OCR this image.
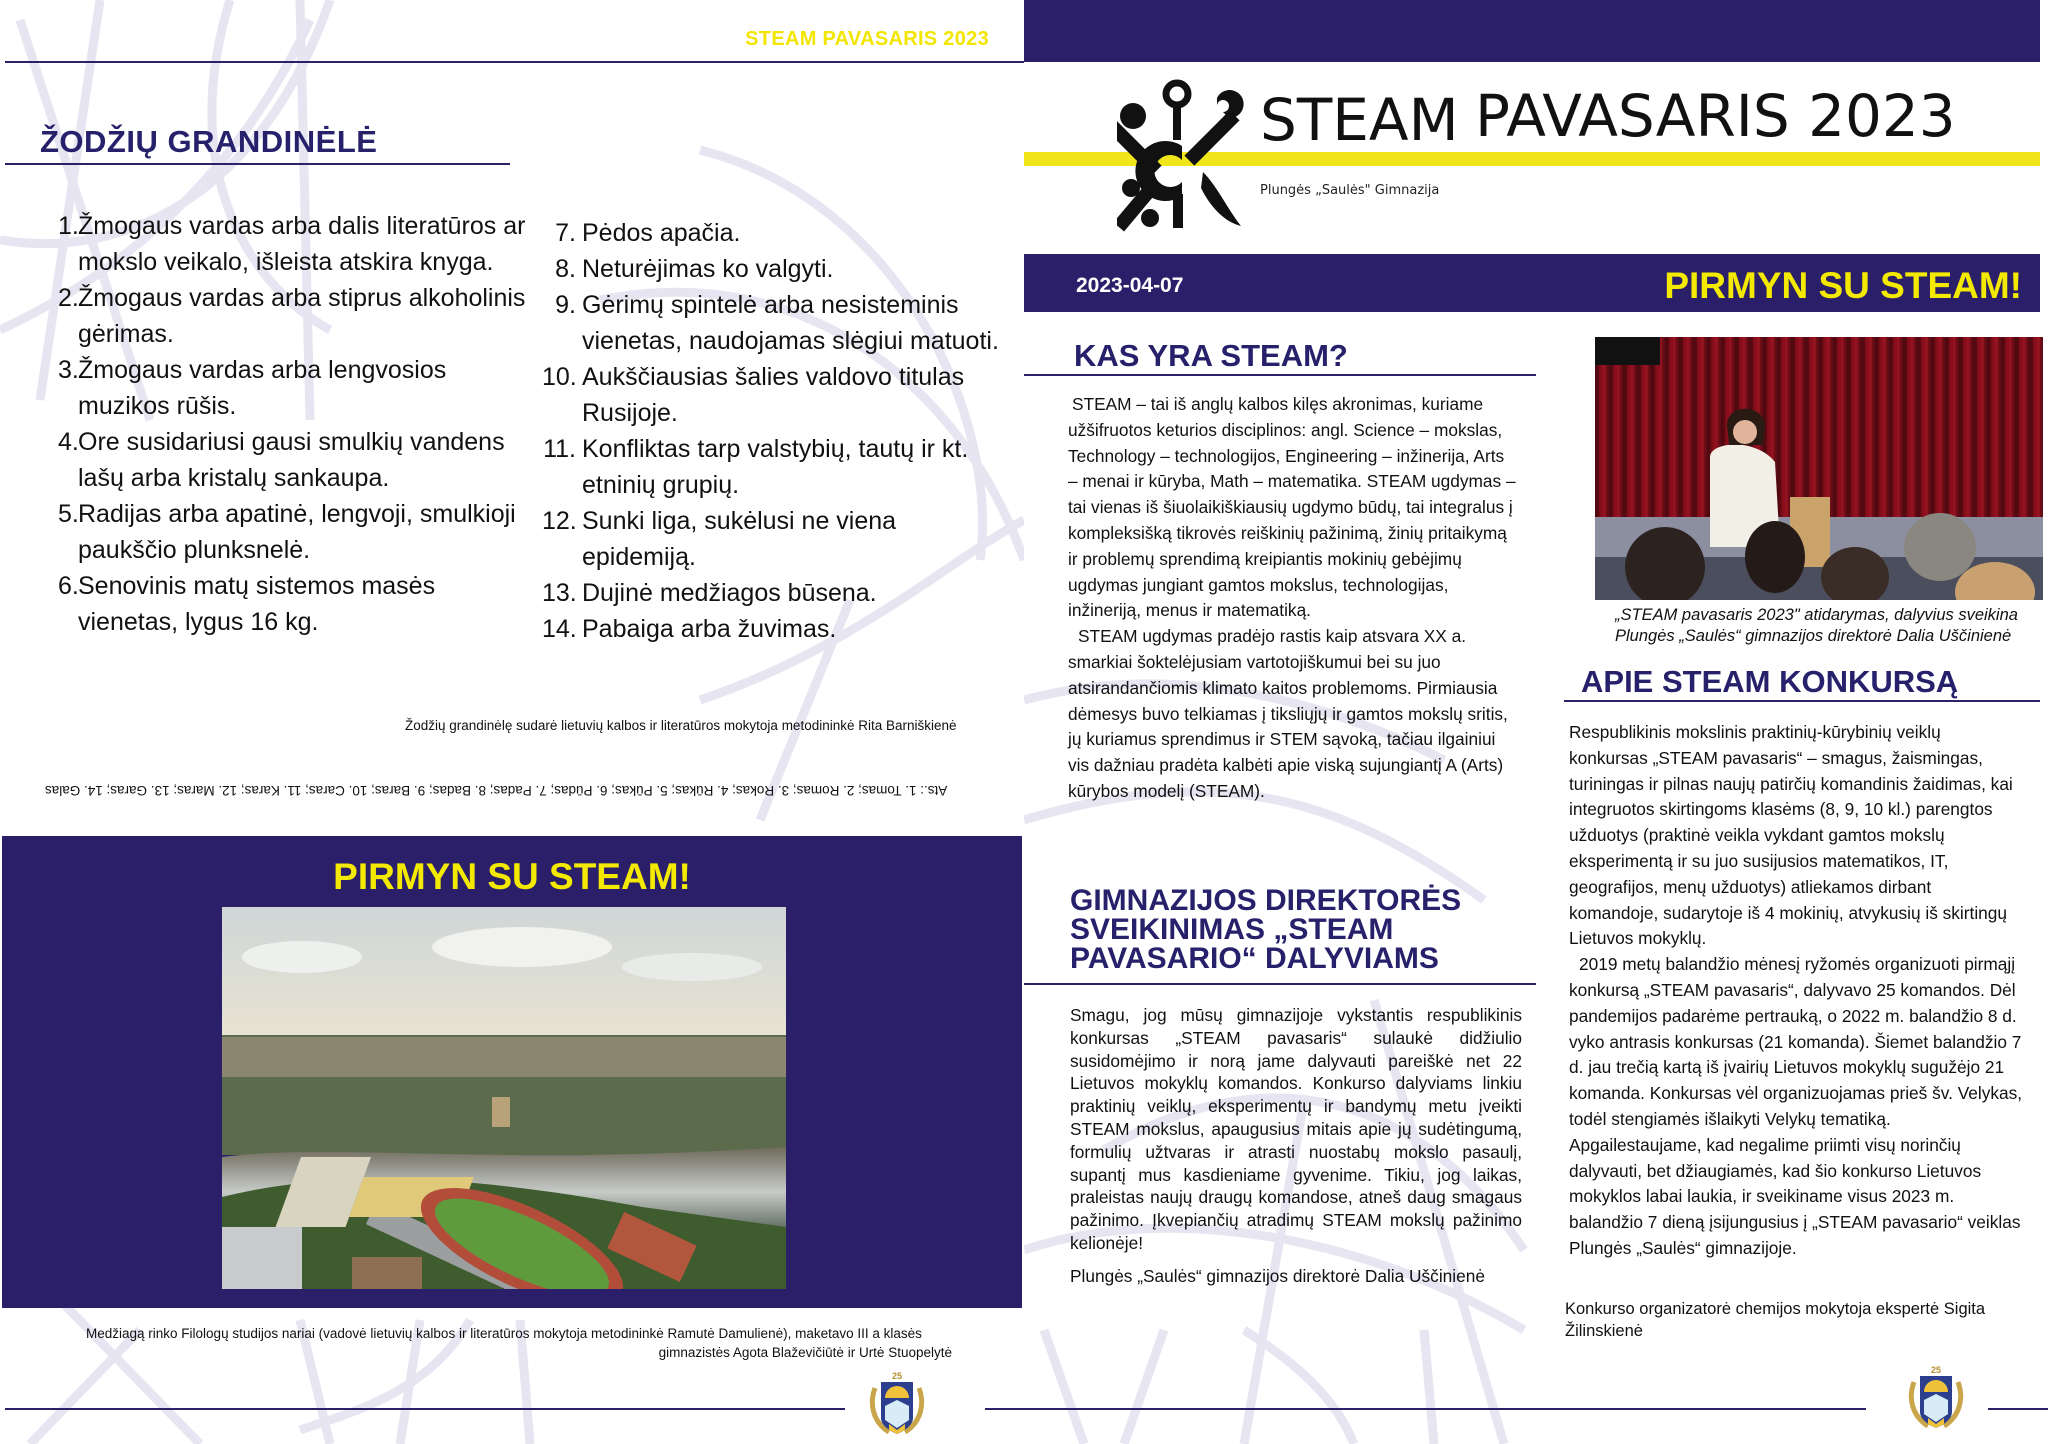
STEAM PAVASARIS 2023
ŽODŽIŲ GRANDINĖLĖ
1. Žmogaus vardas arba dalis literatūros ar mokslo veikalo, išleista atskira knyga.
2. Žmogaus vardas arba stiprus alkoholinis gėrimas.
3. Žmogaus vardas arba lengvosios muzikos rūšis.
4. Ore susidariusi gausi smulkių vandens lašų arba kristalų sankaupa.
5. Radijas arba apatinė, lengvoji, smulkioji paukščio plunksnelė.
6. Senovinis matų sistemos masės vienetas, lygus 16 kg.
7. Pėdos apačia.
8. Neturėjimas ko valgyti.
9. Gėrimų spintelė arba nesisteminis vienetas, naudojamas slėgiui matuoti.
10. Aukščiausias šalies valdovo titulas Rusijoje.
11. Konfliktas tarp valstybių, tautų ir kt. etninių grupių.
12. Sunki liga, sukėlusi ne viena epidemiją.
13. Dujinė medžiagos būsena.
14. Pabaiga arba žuvimas.
Žodžių grandinėlę sudarė lietuvių kalbos ir literatūros mokytoja metodininkė Rita Barniškienė
Ats.: 1. Tomas; 2. Romas; 3. Rokas; 4. Rūkas; 5. Pūkas; 6. Pūdas; 7. Padas; 8. Badas; 9. Baras; 10. Caras; 11. Karas; 12. Maras; 13. Garas; 14. Galas
PIRMYN SU STEAM!
Medžiagą rinko Filologų studijos nariai (vadovė lietuvių kalbos ir literatūros mokytoja metodininkė Ramutė Damulienė), maketavo III a klasės
gimnazistės Agota Blaževičiūtė ir Urtė Stuopelytė
25
STEAM PAVASARIS 2023
Plungės „Saulės" Gimnazija
2023-04-07	PIRMYN SU STEAM!
KAS YRA STEAM?

STEAM – tai iš anglų kalbos kilęs akronimas, kuriame užšifruotos keturios disciplinos: angl. Science – mokslas, Technology – technologijos, Engineering – inžinerija, Arts – menai ir kūryba, Math – matematika. STEAM ugdymas – tai vienas iš šiuolaikiškiausių ugdymo būdų, tai integralus į kompleksišką tikrovės reiškinių pažinimą, žinių pritaikymą ir problemų sprendimą kreipiantis mokinių gebėjimų ugdymas jungiant gamtos mokslus, technologijas, inžineriją, menus ir matematiką.

STEAM ugdymas pradėjo rastis kaip atsvara XX a. smarkiai šoktelėjusiam vartotojiškumui bei su juo atsirandančiomis klimato kaitos problemoms. Pirmiausia dėmesys buvo telkiamas į tiksliųjų ir gamtos mokslų sritis, jų kuriamus sprendimus ir STEM sąvoką, tačiau ilgainiui vis dažniau pradėta kalbėti apie viską sujungiantį A (Arts) kūrybos modelį (STEAM).

GIMNAZIJOS DIREKTORĖS SVEIKINIMAS „STEAM PAVASARIO“ DALYVIAMS
Smagu, jog mūsų gimnazijoje vykstantis respublikinis konkursas „STEAM pavasaris“ sulaukė didžiulio susidomėjimo ir norą jame dalyvauti pareiškė net 22 Lietuvos mokyklų komandos. Konkurso dalyviams linkiu praktinių veiklų, eksperimentų ir bandymų metu įveikti STEAM mokslus, apaugusius mitais apie jų sudėtingumą, formulių užtvaras ir atrasti nuostabų mokslo pasaulį, supantį mus kasdieniame gyvenime. Tikiu, jog laikas, praleistas naujų draugų komandose, atneš daug smagaus pažinimo. Įkvepiančių atradimų STEAM mokslų pažinimo kelionėje!
Plungės „Saulės“ gimnazijos direktorė Dalia Uščinienė
„STEAM pavasaris 2023" atidarymas, dalyvius sveikina
Plungės „Saulės“ gimnazijos direktorė Dalia Uščinienė
APIE STEAM KONKURSĄ

Respublikinis mokslinis praktinių-kūrybinių veiklų konkursas „STEAM pavasaris“ – smagus, žaismingas, turiningas ir pilnas naujų patirčių komandinis žaidimas, kai integruotos skirtingoms klasėms (8, 9, 10 kl.) parengtos užduotys (praktinė veikla vykdant gamtos mokslų eksperimentą ir su juo susijusios matematikos, IT, geografijos, menų užduotys) atliekamos dirbant komandoje, sudarytoje iš 4 mokinių, atvykusių iš skirtingų Lietuvos mokyklų.

2019 metų balandžio mėnesį ryžomės organizuoti pirmąjį konkursą „STEAM pavasaris“, dalyvavo 25 komandos. Dėl pandemijos padarėme pertrauką, o 2022 m. balandžio 8 d. vyko antrasis konkursas (21 komanda). Šiemet balandžio 7 d. jau trečią kartą iš įvairių Lietuvos mokyklų sugužėjo 21 komanda. Konkursas vėl organizuojamas prieš šv. Velykas, todėl stengiamės išlaikyti Velykų tematiką. Apgailestaujame, kad negalime priimti visų norinčių dalyvauti, bet džiaugiamės, kad šio konkurso Lietuvos mokyklos labai laukia, ir sveikiname visus 2023 m. balandžio 7 dieną įsijungusius į „STEAM pavasario“ veiklas Plungės „Saulės“ gimnazijoje.

Konkurso organizatorė chemijos mokytoja ekspertė Sigita Žilinskienė
25
